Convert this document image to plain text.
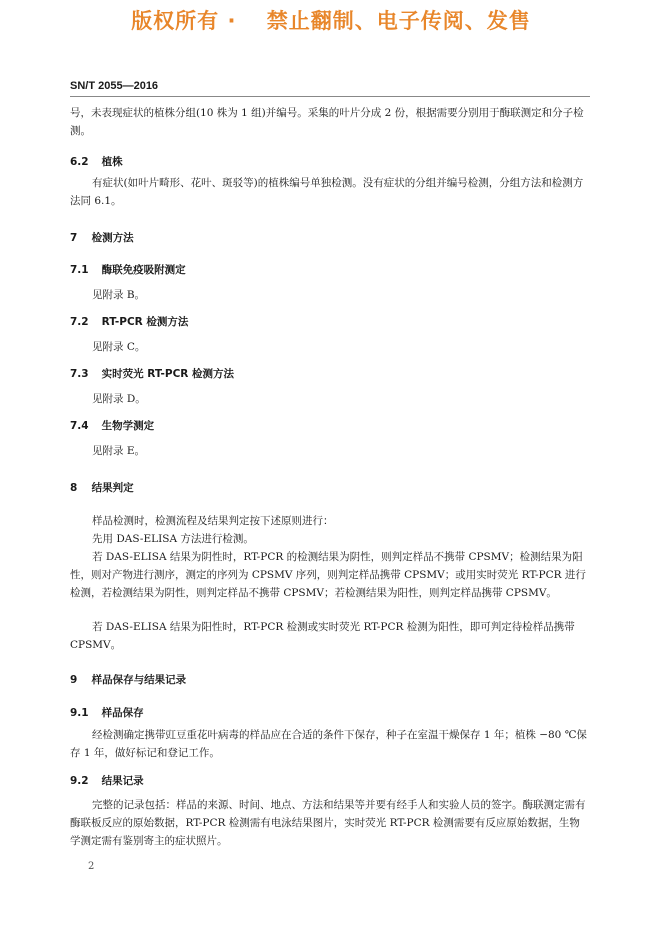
版权所有 · 　禁止翻制、电子传阅、发售
SN/T 2055—2016
号，未表现症状的植株分组(10 株为 1 组)并编号。采集的叶片分成 2 份，根据需要分别用于酶联测定和分子检测。
6.2 植株
有症状(如叶片畸形、花叶、斑驳等)的植株编号单独检测。没有症状的分组并编号检测，分组方法和检测方法同 6.1。
7 检测方法
7.1 酶联免疫吸附测定
见附录 B。
7.2 RT-PCR 检测方法
见附录 C。
7.3 实时荧光 RT-PCR 检测方法
见附录 D。
7.4 生物学测定
见附录 E。
8 结果判定
样品检测时，检测流程及结果判定按下述原则进行：
先用 DAS-ELISA 方法进行检测。
若 DAS-ELISA 结果为阴性时，RT-PCR 的检测结果为阴性，则判定样品不携带 CPSMV；检测结果为阳性，则对产物进行测序，测定的序列为 CPSMV 序列，则判定样品携带 CPSMV；或用实时荧光 RT-PCR 进行检测，若检测结果为阴性，则判定样品不携带 CPSMV；若检测结果为阳性，则判定样品携带 CPSMV。
若 DAS-ELISA 结果为阳性时，RT-PCR 检测或实时荧光 RT-PCR 检测为阳性，即可判定待检样品携带 CPSMV。
9 样品保存与结果记录
9.1 样品保存
经检测确定携带豇豆重花叶病毒的样品应在合适的条件下保存，种子在室温干燥保存 1 年；植株 −80 ℃保存 1 年，做好标记和登记工作。
9.2 结果记录
完整的记录包括：样品的来源、时间、地点、方法和结果等并要有经手人和实验人员的签字。酶联测定需有酶联板反应的原始数据，RT-PCR 检测需有电泳结果图片，实时荧光 RT-PCR 检测需要有反应原始数据，生物学测定需有鉴别寄主的症状照片。
2
